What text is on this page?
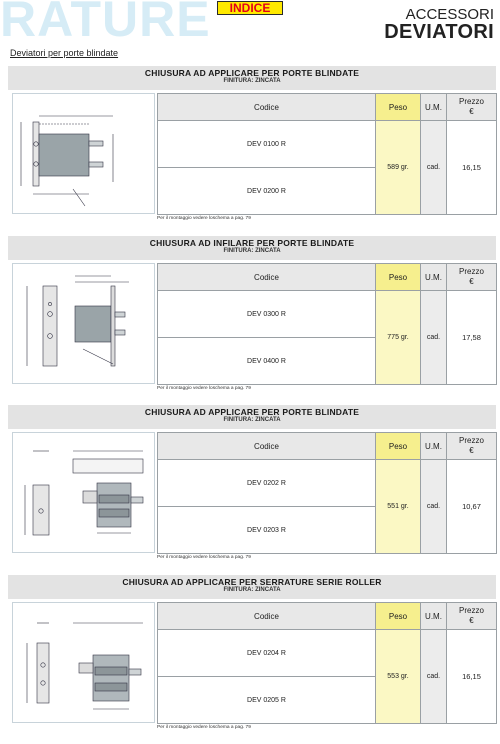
RATURE	INDICE	ACCESSORI
DEVIATORI
Deviatori per porte blindate
CHIUSURA AD APPLICARE PER PORTE BLINDATE
FINITURA: ZINCATA
Codice	Peso	U.M.	Prezzo
€
DEV 0100 R	589 gr.	cad.	16,15
DEV 0200 R			
Per il montaggio vedere loschema a pag. 79
CHIUSURA AD INFILARE PER PORTE BLINDATE
FINITURA: ZINCATA
Codice	Peso	U.M.	Prezzo
€
DEV 0300 R	775 gr.	cad.	17,58
DEV 0400 R			
Per il montaggio vedere loschema a pag. 79
CHIUSURA AD APPLICARE PER PORTE BLINDATE
FINITURA: ZINCATA
Codice	Peso	U.M.	Prezzo
€
DEV 0202 R	551 gr.	cad.	10,67
DEV 0203 R			
Per il montaggio vedere loschema a pag. 79
CHIUSURA AD APPLICARE PER SERRATURE SERIE ROLLER
FINITURA: ZINCATA
Codice	Peso	U.M.	Prezzo
€
DEV 0204 R	553 gr.	cad.	16,15
DEV 0205 R			
Per il montaggio vedere loschema a pag. 79
